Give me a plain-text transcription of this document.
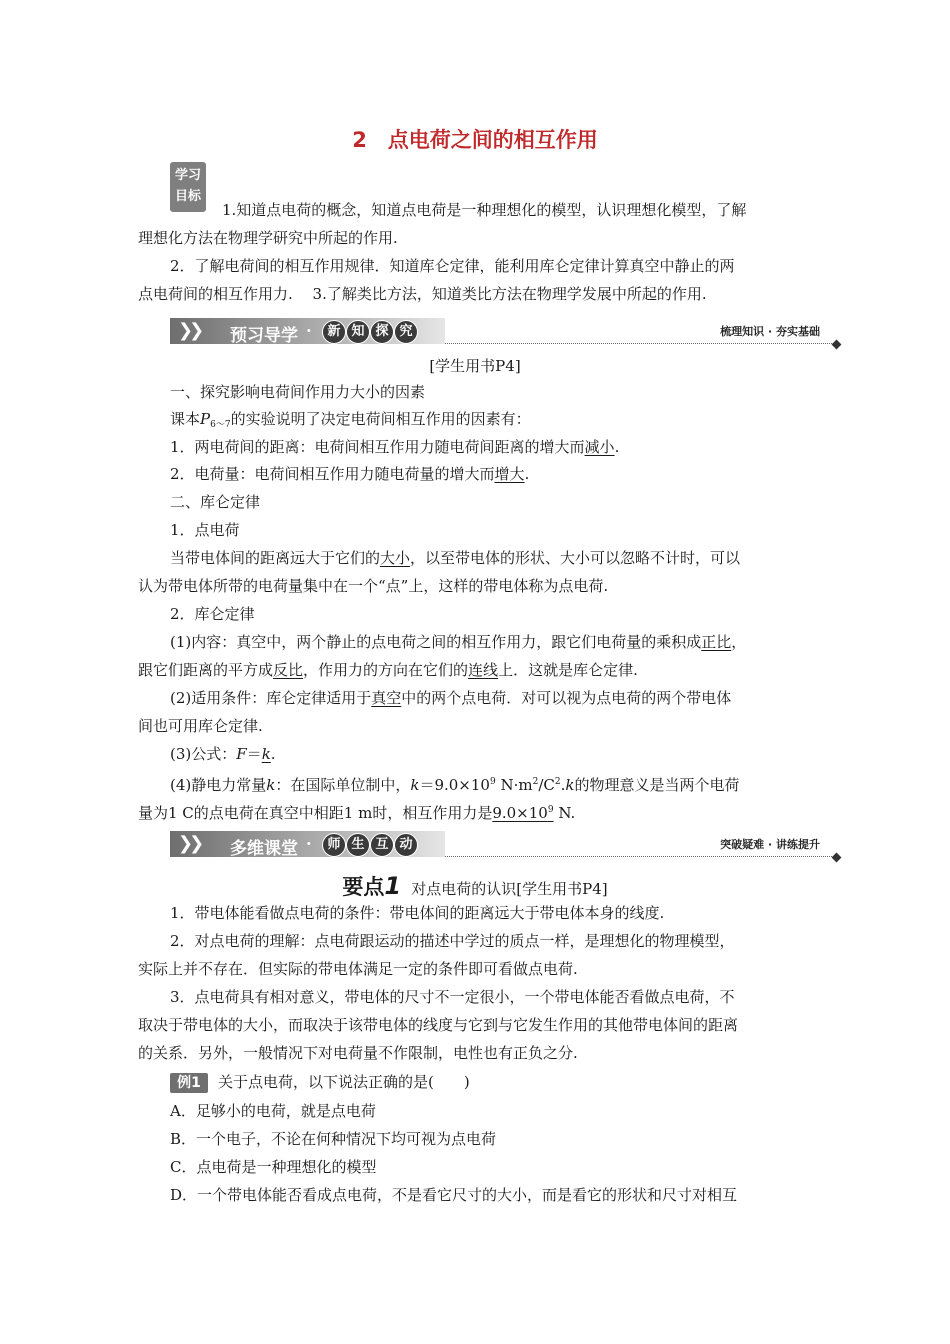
2　点电荷之间的相互作用
学习
目标
1.知道点电荷的概念，知道点电荷是一种理想化的模型，认识理想化模型，了解
理想化方法在物理学研究中所起的作用.
2．了解电荷间的相互作用规律．知道库仑定律，能利用库仑定律计算真空中静止的两
点电荷间的相互作用力.　 3.了解类比方法，知道类比方法在物理学发展中所起的作用.
❯❯ 预习导学 ·	新 知 探 究	梳理知识 · 夯实基础
[学生用书P4]
一、探究影响电荷间作用力大小的因素
课本$P_{6\sim 7}$的实验说明了决定电荷间相互作用的因素有：
1．两电荷间的距离：电荷间相互作用力随电荷间距离的增大而减小.
2．电荷量：电荷间相互作用力随电荷量的增大而增大.
二、库仑定律
1．点电荷
当带电体间的距离远大于它们的大小，以至带电体的形状、大小可以忽略不计时，可以
认为带电体所带的电荷量集中在一个“点”上，这样的带电体称为点电荷.
2．库仑定律
(1)内容：真空中，两个静止的点电荷之间的相互作用力，跟它们电荷量的乘积成正比，
跟它们距离的平方成反比，作用力的方向在它们的连线上．这就是库仑定律.
(2)适用条件：库仑定律适用于真空中的两个点电荷．对可以视为点电荷的两个带电体
间也可用库仑定律.
(3)公式：F＝k.
(4)静电力常量k：在国际单位制中，$k=9.0\times 10^9$ $N\cdot m^2/C^2.k$的物理意义是当两个电荷
量为1 C的点电荷在真空中相距1 m时，相互作用力是$9.0\times 10^9$ N.
❯❯ 多维课堂 ·	师 生 互 动	突破疑难 · 讲练提升
要点1 对点电荷的认识[学生用书P4]
1．带电体能看做点电荷的条件：带电体间的距离远大于带电体本身的线度.
2．对点电荷的理解：点电荷跟运动的描述中学过的质点一样，是理想化的物理模型，
实际上并不存在．但实际的带电体满足一定的条件即可看做点电荷.
3．点电荷具有相对意义，带电体的尺寸不一定很小，一个带电体能否看做点电荷，不
取决于带电体的大小，而取决于该带电体的线度与它到与它发生作用的其他带电体间的距离
的关系．另外，一般情况下对电荷量不作限制，电性也有正负之分.
例1 关于点电荷，以下说法正确的是(　　)
A．足够小的电荷，就是点电荷
B．一个电子，不论在何种情况下均可视为点电荷
C．点电荷是一种理想化的模型
D．一个带电体能否看成点电荷，不是看它尺寸的大小，而是看它的形状和尺寸对相互
